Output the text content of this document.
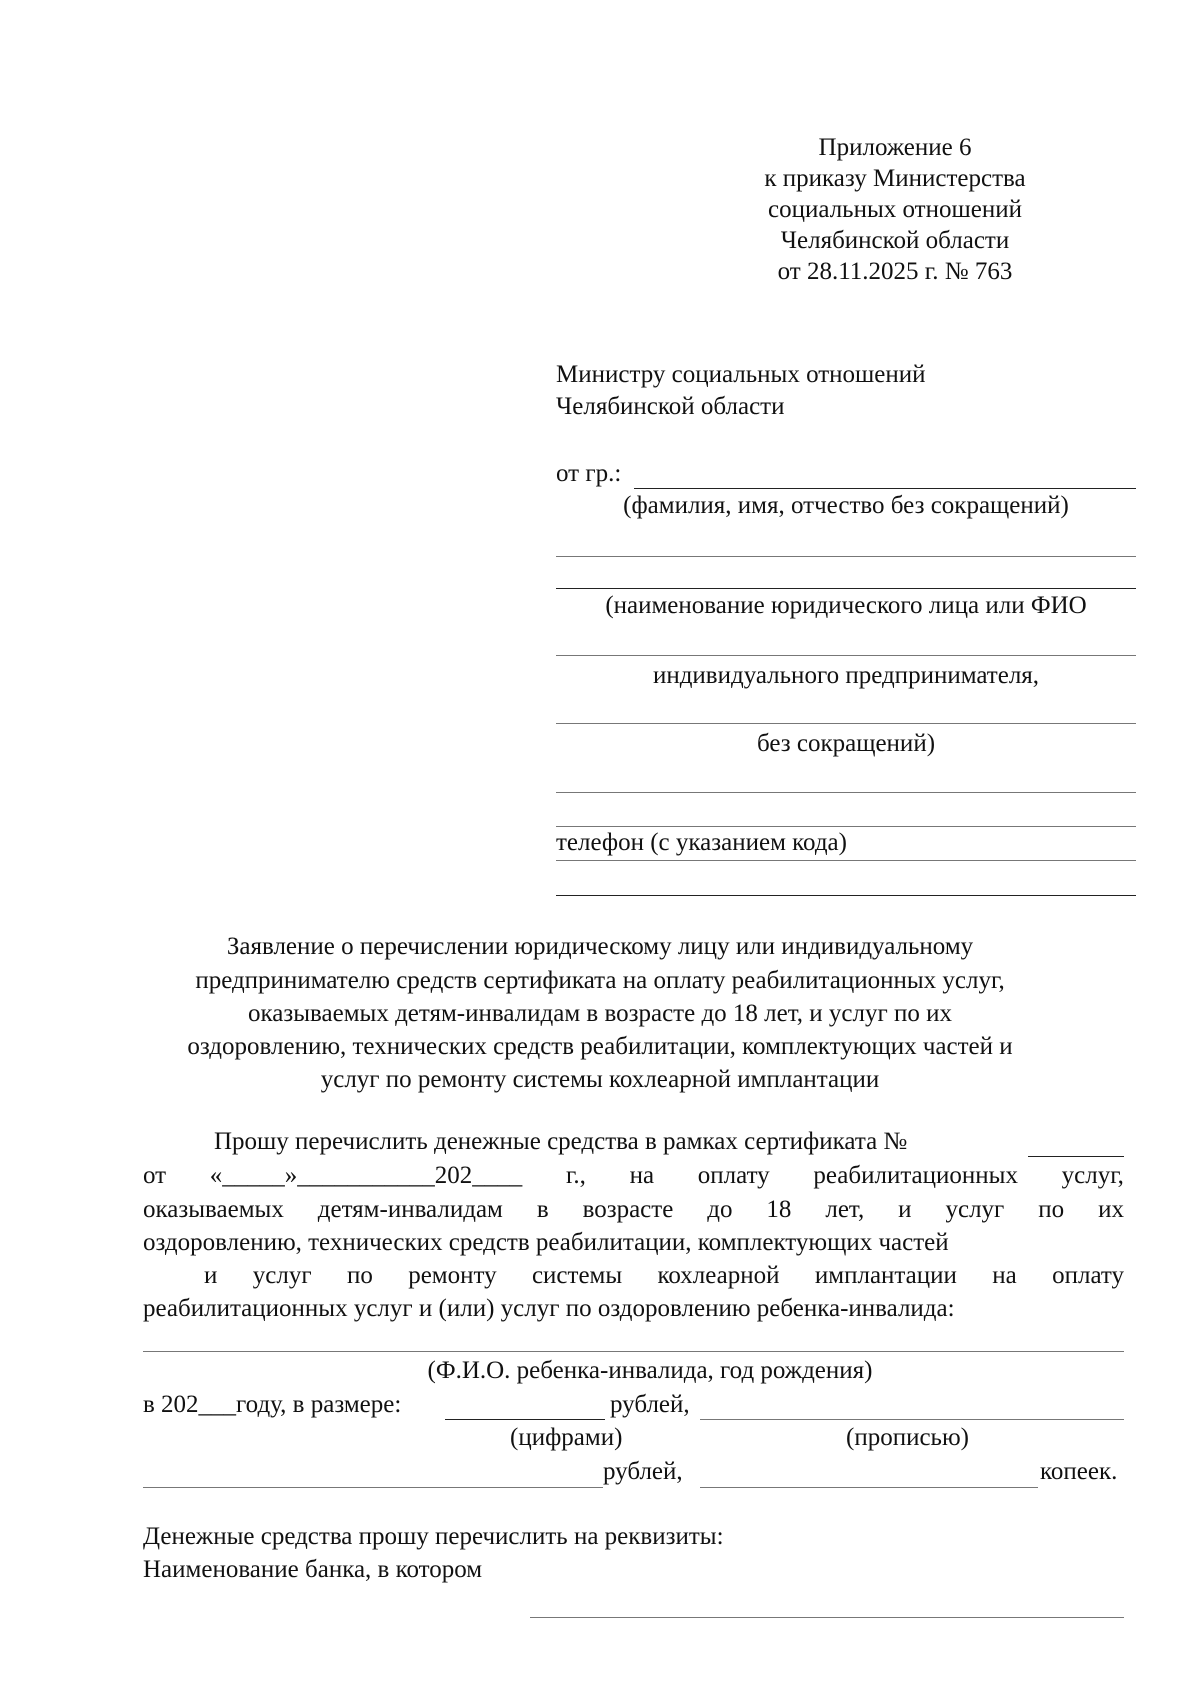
Приложение 6
к приказу Министерства
социальных отношений
Челябинской области
от 28.11.2025 г. № 763
Министру социальных отношений
Челябинской области
от гр.:
(фамилия, имя, отчество без сокращений)
(наименование юридического лица или ФИО
индивидуального предпринимателя,
без сокращений)
телефон (с указанием кода)
Заявление о перечислении юридическому лицу или индивидуальному
предпринимателю средств сертификата на оплату реабилитационных услуг,
оказываемых детям-инвалидам в возрасте до 18 лет, и услуг по их
оздоровлению, технических средств реабилитации, комплектующих частей и
услуг по ремонту системы кохлеарной имплантации
Прошу перечислить денежные средства в рамках сертификата №
от «_____»___________202____ г., на оплату реабилитационных услуг,
оказываемых детям-инвалидам в возрасте до 18 лет, и услуг по их
оздоровлению, технических средств реабилитации, комплектующих частей
и услуг по ремонту системы кохлеарной имплантации на оплату
реабилитационных услуг и (или) услуг по оздоровлению ребенка-инвалида:
(Ф.И.О. ребенка-инвалида, год рождения)
в 202___году, в размере:	рублей,
(цифрами)	(прописью)
рублей,	копеек.
Денежные средства прошу перечислить на реквизиты:
Наименование банка, в котором
